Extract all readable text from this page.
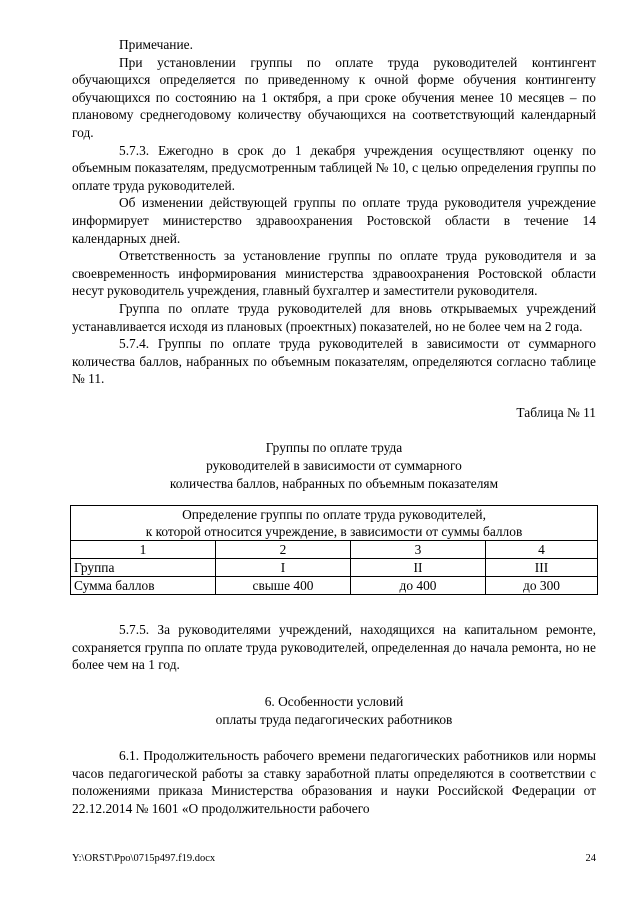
Примечание.

При установлении группы по оплате труда руководителей контингент обучающихся определяется по приведенному к очной форме обучения контингенту обучающихся по состоянию на 1 октября, а при сроке обучения менее 10 месяцев – по плановому среднегодовому количеству обучающихся на соответствующий календарный год.

5.7.3. Ежегодно в срок до 1 декабря учреждения осуществляют оценку по объемным показателям, предусмотренным таблицей № 10, с целью определения группы по оплате труда руководителей.

Об изменении действующей группы по оплате труда руководителя учреждение информирует министерство здравоохранения Ростовской области в течение 14 календарных дней.

Ответственность за установление группы по оплате труда руководителя и за своевременность информирования министерства здравоохранения Ростовской области несут руководитель учреждения, главный бухгалтер и заместители руководителя.

Группа по оплате труда руководителей для вновь открываемых учреждений устанавливается исходя из плановых (проектных) показателей, но не более чем на 2 года.

5.7.4. Группы по оплате труда руководителей в зависимости от суммарного количества баллов, набранных по объемным показателям, определяются согласно таблице № 11.

Таблица № 11

Группы по оплате труда

руководителей в зависимости от суммарного

количества баллов, набранных по объемным показателям

Определение группы по оплате труда руководителей,
к которой относится учреждение, в зависимости от суммы баллов			

1	2	3	4
Группа	I	II	III
Сумма баллов	свыше 400	до 400	до 300

5.7.5. За руководителями учреждений, находящихся на капитальном ремонте, сохраняется группа по оплате труда руководителей, определенная до начала ремонта, но не более чем на 1 год.

6. Особенности условий

оплаты труда педагогических работников

6.1. Продолжительность рабочего времени педагогических работников или нормы часов педагогической работы за ставку заработной платы определяются в соответствии с положениями приказа Министерства образования и науки Российской Федерации от 22.12.2014 № 1601 «О продолжительности рабочего

Y:\ORST\Ppo\0715p497.f19.docx	24
